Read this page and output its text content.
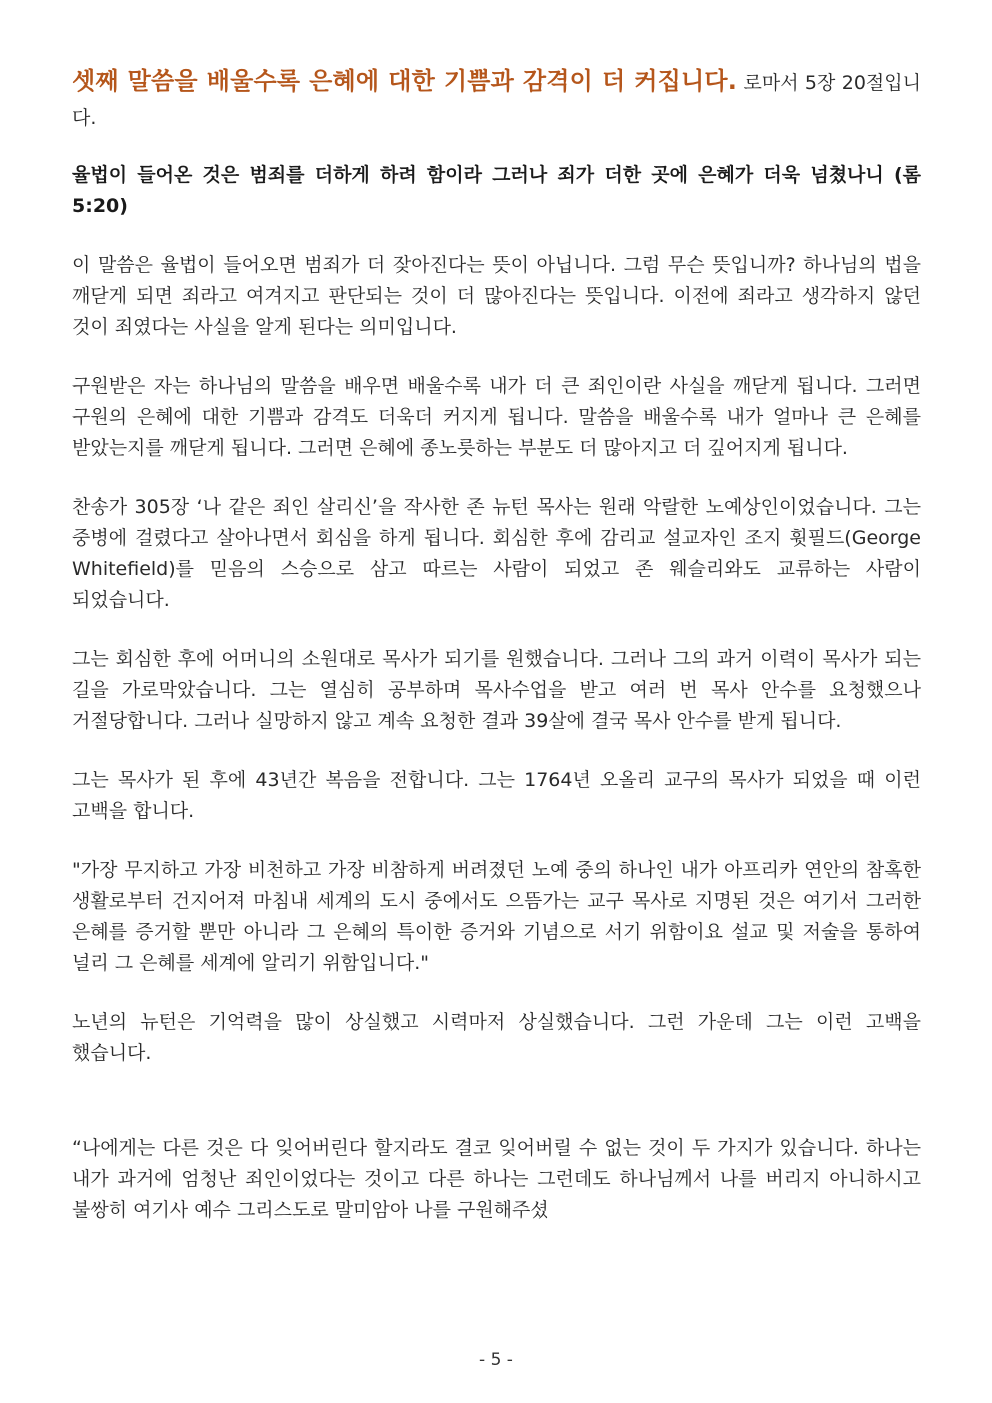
셋째 말씀을 배울수록 은혜에 대한 기쁨과 감격이 더 커집니다. 로마서 5장 20절입니다.

율법이 들어온 것은 범죄를 더하게 하려 함이라 그러나 죄가 더한 곳에 은혜가 더욱 넘쳤나니 (롬 5:20)

이 말씀은 율법이 들어오면 범죄가 더 잦아진다는 뜻이 아닙니다. 그럼 무슨 뜻입니까? 하나님의 법을 깨닫게 되면 죄라고 여겨지고 판단되는 것이 더 많아진다는 뜻입니다. 이전에 죄라고 생각하지 않던 것이 죄였다는 사실을 알게 된다는 의미입니다.

구원받은 자는 하나님의 말씀을 배우면 배울수록 내가 더 큰 죄인이란 사실을 깨닫게 됩니다. 그러면 구원의 은혜에 대한 기쁨과 감격도 더욱더 커지게 됩니다. 말씀을 배울수록 내가 얼마나 큰 은혜를 받았는지를 깨닫게 됩니다. 그러면 은혜에 종노릇하는 부분도 더 많아지고 더 깊어지게 됩니다.

찬송가 305장 ‘나 같은 죄인 살리신’을 작사한 존 뉴턴 목사는 원래 악랄한 노예상인이었습니다. 그는 중병에 걸렸다고 살아나면서 회심을 하게 됩니다. 회심한 후에 감리교 설교자인 조지 휫필드(George Whitefield)를 믿음의 스승으로 삼고 따르는 사람이 되었고 존 웨슬리와도 교류하는 사람이 되었습니다.

그는 회심한 후에 어머니의 소원대로 목사가 되기를 원했습니다. 그러나 그의 과거 이력이 목사가 되는 길을 가로막았습니다. 그는 열심히 공부하며 목사수업을 받고 여러 번 목사 안수를 요청했으나 거절당합니다. 그러나 실망하지 않고 계속 요청한 결과 39살에 결국 목사 안수를 받게 됩니다.

그는 목사가 된 후에 43년간 복음을 전합니다. 그는 1764년 오올리 교구의 목사가 되었을 때 이런 고백을 합니다.

"가장 무지하고 가장 비천하고 가장 비참하게 버려졌던 노예 중의 하나인 내가 아프리카 연안의 참혹한 생활로부터 건지어져 마침내 세계의 도시 중에서도 으뜸가는 교구 목사로 지명된 것은 여기서 그러한 은혜를 증거할 뿐만 아니라 그 은혜의 특이한 증거와 기념으로 서기 위함이요 설교 및 저술을 통하여 널리 그 은혜를 세계에 알리기 위함입니다."

노년의 뉴턴은 기억력을 많이 상실했고 시력마저 상실했습니다. 그런 가운데 그는 이런 고백을 했습니다.

“나에게는 다른 것은 다 잊어버린다 할지라도 결코 잊어버릴 수 없는 것이 두 가지가 있습니다. 하나는 내가 과거에 엄청난 죄인이었다는 것이고 다른 하나는 그런데도 하나님께서 나를 버리지 아니하시고 불쌍히 여기사 예수 그리스도로 말미암아 나를 구원해주셨

- 5 -
